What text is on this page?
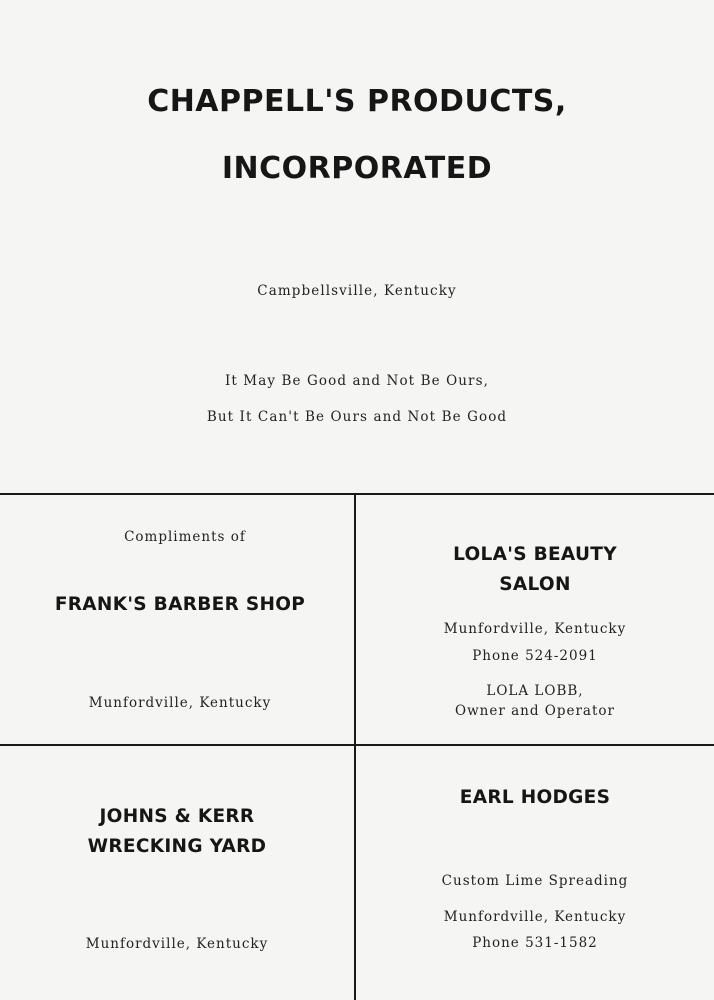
CHAPPELL'S PRODUCTS,
INCORPORATED

Campbellsville, Kentucky

It May Be Good and Not Be Ours,

But It Can't Be Ours and Not Be Good

Compliments of

FRANK'S BARBER SHOP

Munfordville, Kentucky

LOLA'S BEAUTY

SALON

Munfordville, Kentucky

Phone 524-2091

LOLA LOBB,

Owner and Operator

JOHNS & KERR

WRECKING YARD

Munfordville, Kentucky

EARL HODGES

Custom Lime Spreading

Munfordville, Kentucky

Phone 531-1582
